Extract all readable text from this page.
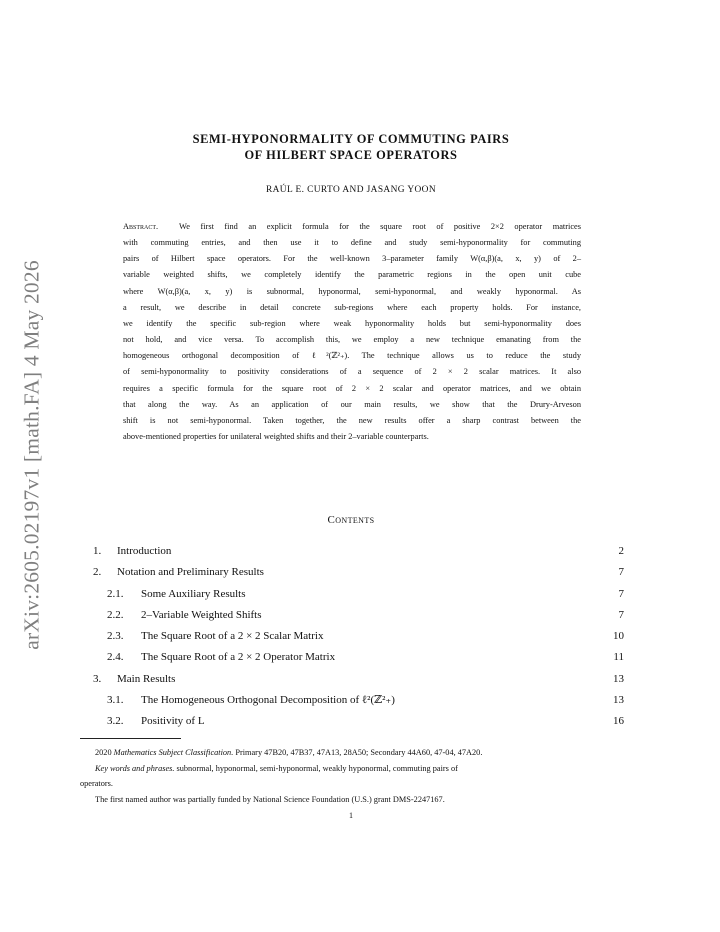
arXiv:2605.02197v1 [math.FA] 4 May 2026
SEMI-HYPONORMALITY OF COMMUTING PAIRS
OF HILBERT SPACE OPERATORS
RAÚL E. CURTO AND JASANG YOON
Abstract.	We first find an explicit formula for the square root of positive 2×2 operator matrices
with commuting entries, and then use it to define and study semi-hyponormality for commuting
pairs of Hilbert space operators. For the well-known 3–parameter family W(α,β)(a, x, y) of 2–
variable weighted shifts, we completely identify the parametric regions in the open unit cube
where W(α,β)(a, x, y) is subnormal, hyponormal, semi-hyponormal, and weakly hyponormal. As
a result, we describe in detail concrete sub-regions where each property holds. For instance,
we identify the specific sub-region where weak hyponormality holds but semi-hyponormality does
not hold, and vice versa. To accomplish this, we employ a new technique emanating from the
homogeneous orthogonal decomposition of ℓ²(ℤ²₊). The technique allows us to reduce the study
of semi-hyponormality to positivity considerations of a sequence of 2 × 2 scalar matrices. It also
requires a specific formula for the square root of 2 × 2 scalar and operator matrices, and we obtain
that along the way. As an application of our main results, we show that the Drury-Arveson
shift is not semi-hyponormal. Taken together, the new results offer a sharp contrast between the
above-mentioned properties for unilateral weighted shifts and their 2–variable counterparts.
Contents
1. Introduction	2
2. Notation and Preliminary Results	7
2.1. Some Auxiliary Results	7
2.2. 2–Variable Weighted Shifts	7
2.3. The Square Root of a 2 × 2 Scalar Matrix	10
2.4. The Square Root of a 2 × 2 Operator Matrix	11
3. Main Results	13
3.1. The Homogeneous Orthogonal Decomposition of ℓ²(ℤ²₊)	13
3.2. Positivity of L	16
2020 Mathematics Subject Classification. Primary 47B20, 47B37, 47A13, 28A50; Secondary 44A60, 47-04, 47A20.
Key words and phrases. subnormal, hyponormal, semi-hyponormal, weakly hyponormal, commuting pairs of
operators.
The first named author was partially funded by National Science Foundation (U.S.) grant DMS-2247167.
1
